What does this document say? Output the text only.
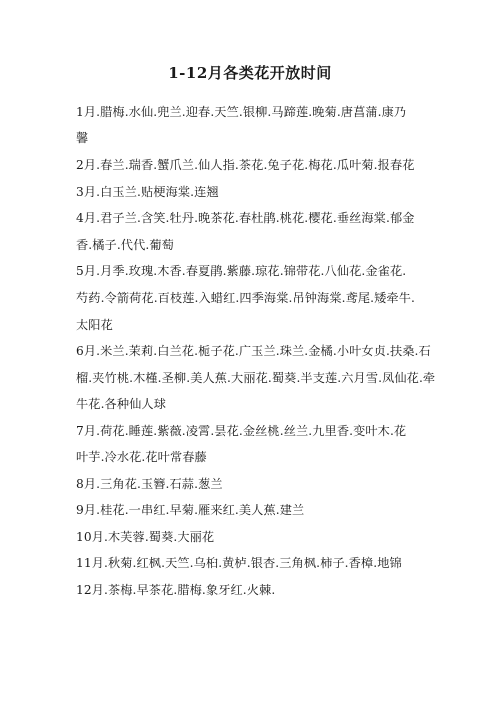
1-12月各类花开放时间
1月.腊梅.水仙.兜兰.迎春.天竺.银柳.马蹄莲.晚菊.唐菖蒲.康乃
馨
2月.春兰.瑞香.蟹爪兰.仙人指.茶花.兔子花.梅花.瓜叶菊.报春花
3月.白玉兰.贴梗海棠.连翘
4月.君子兰.含笑.牡丹.晚茶花.春杜鹃.桃花.樱花.垂丝海棠.郁金
香.橘子.代代.葡萄
5月.月季.玫瑰.木香.春夏鹃.紫藤.琼花.锦带花.八仙花.金雀花.
芍药.令箭荷花.百枝莲.入蜡红.四季海棠.吊钟海棠.鸢尾.矮牵牛.
太阳花
6月.米兰.茉莉.白兰花.栀子花.广玉兰.珠兰.金橘.小叶女贞.扶桑.石
榴.夹竹桃.木槿.圣柳.美人蕉.大丽花.蜀葵.半支莲.六月雪.凤仙花.牵
牛花.各种仙人球
7月.荷花.睡莲.紫薇.凌霄.昙花.金丝桃.丝兰.九里香.变叶木.花
叶芋.冷水花.花叶常春藤
8月.三角花.玉簪.石蒜.葱兰
9月.桂花.一串红.早菊.雁来红.美人蕉.建兰
10月.木芙蓉.蜀葵.大丽花
11月.秋菊.红枫.天竺.乌桕.黄栌.银杏.三角枫.柿子.香樟.地锦
12月.茶梅.早茶花.腊梅.象牙红.火棘.
